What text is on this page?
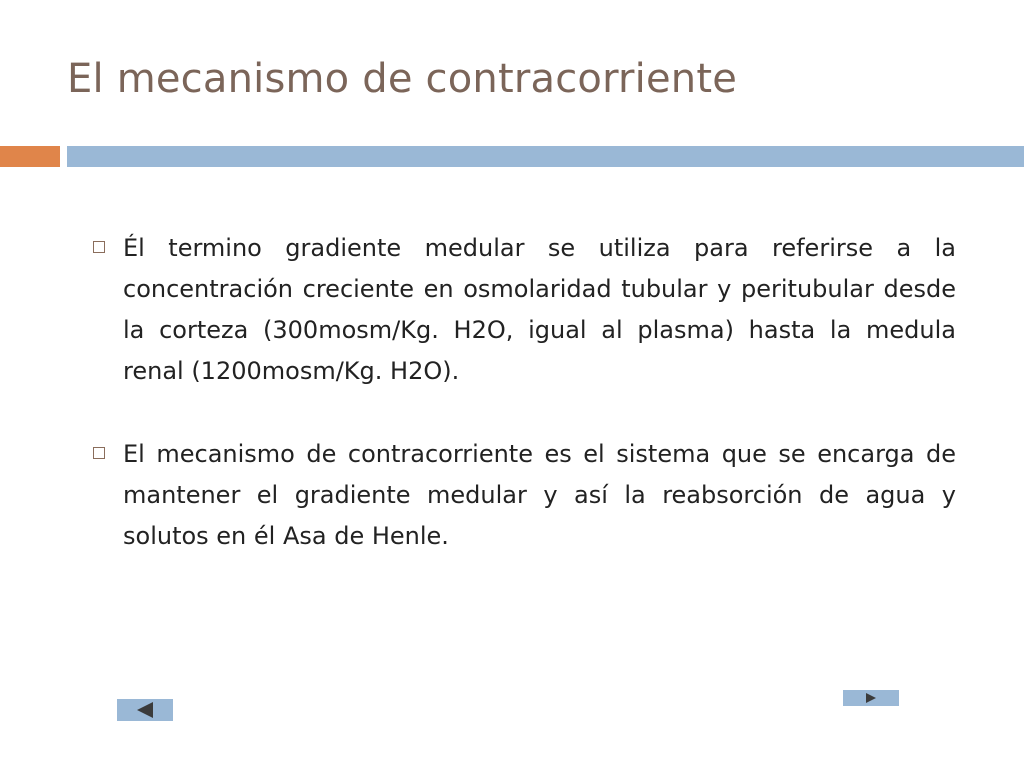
El mecanismo de contracorriente
Él termino gradiente medular se utiliza para referirse a la concentración creciente en osmolaridad tubular y peritubular desde la corteza (300mosm/Kg. H2O, igual al plasma) hasta la medula renal (1200mosm/Kg. H2O).
El mecanismo de contracorriente es el sistema que se encarga de mantener el gradiente medular y así la reabsorción de agua y solutos en él Asa de Henle.
